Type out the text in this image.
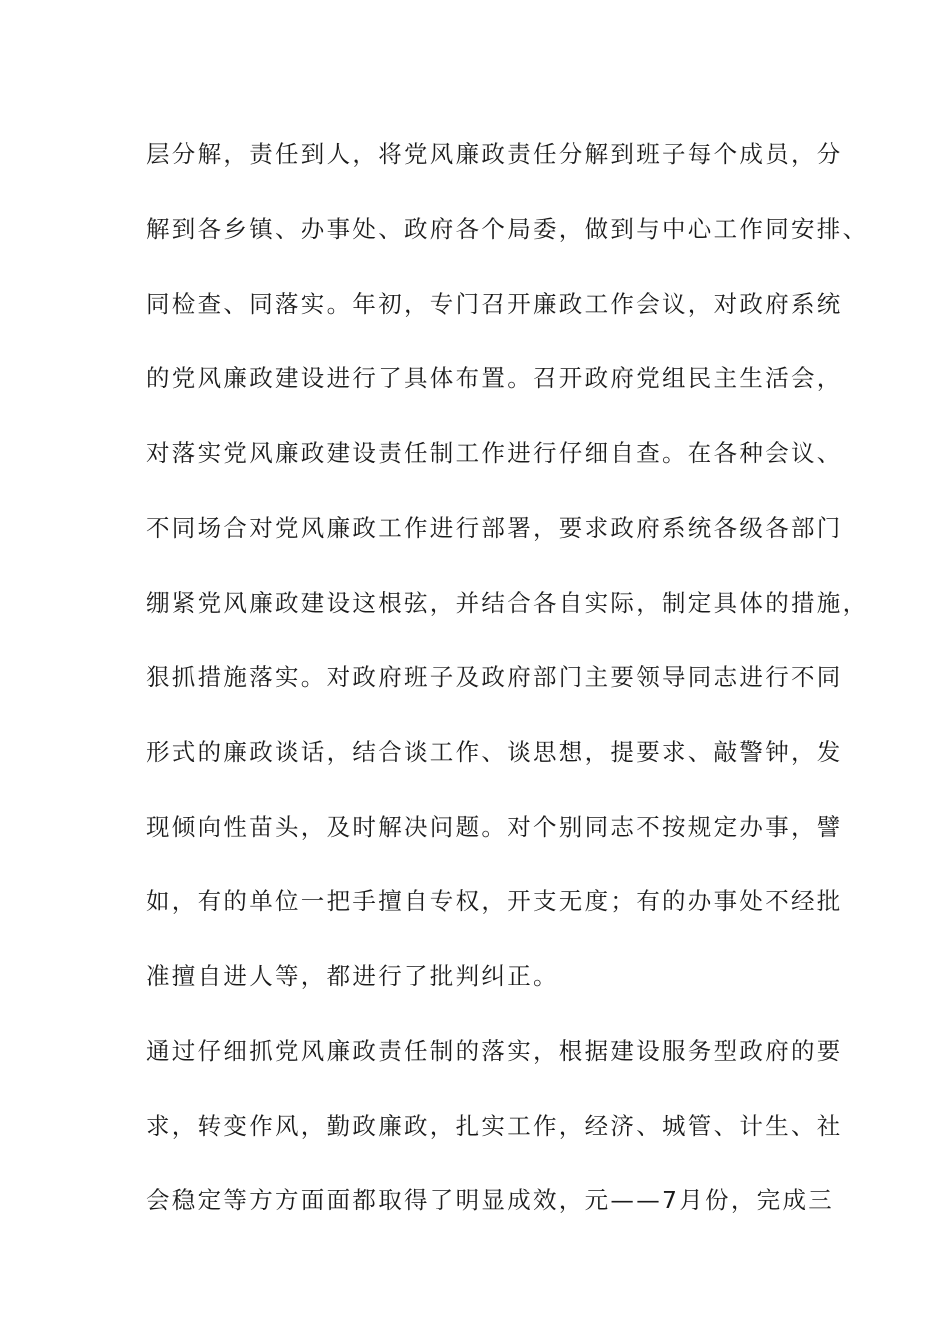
层分解，责任到人，将党风廉政责任分解到班子每个成员，分

解到各乡镇、办事处、政府各个局委，做到与中心工作同安排、

同检查、同落实。年初，专门召开廉政工作会议，对政府系统

的党风廉政建设进行了具体布置。召开政府党组民主生活会，

对落实党风廉政建设责任制工作进行仔细自查。在各种会议、

不同场合对党风廉政工作进行部署，要求政府系统各级各部门

绷紧党风廉政建设这根弦，并结合各自实际，制定具体的措施，

狠抓措施落实。对政府班子及政府部门主要领导同志进行不同

形式的廉政谈话，结合谈工作、谈思想，提要求、敲警钟，发

现倾向性苗头，及时解决问题。对个别同志不按规定办事，譬

如，有的单位一把手擅自专权，开支无度；有的办事处不经批

准擅自进人等，都进行了批判纠正。

通过仔细抓党风廉政责任制的落实，根据建设服务型政府的要

求，转变作风，勤政廉政，扎实工作，经济、城管、计生、社

会稳定等方方面面都取得了明显成效，元——7月份，完成三
